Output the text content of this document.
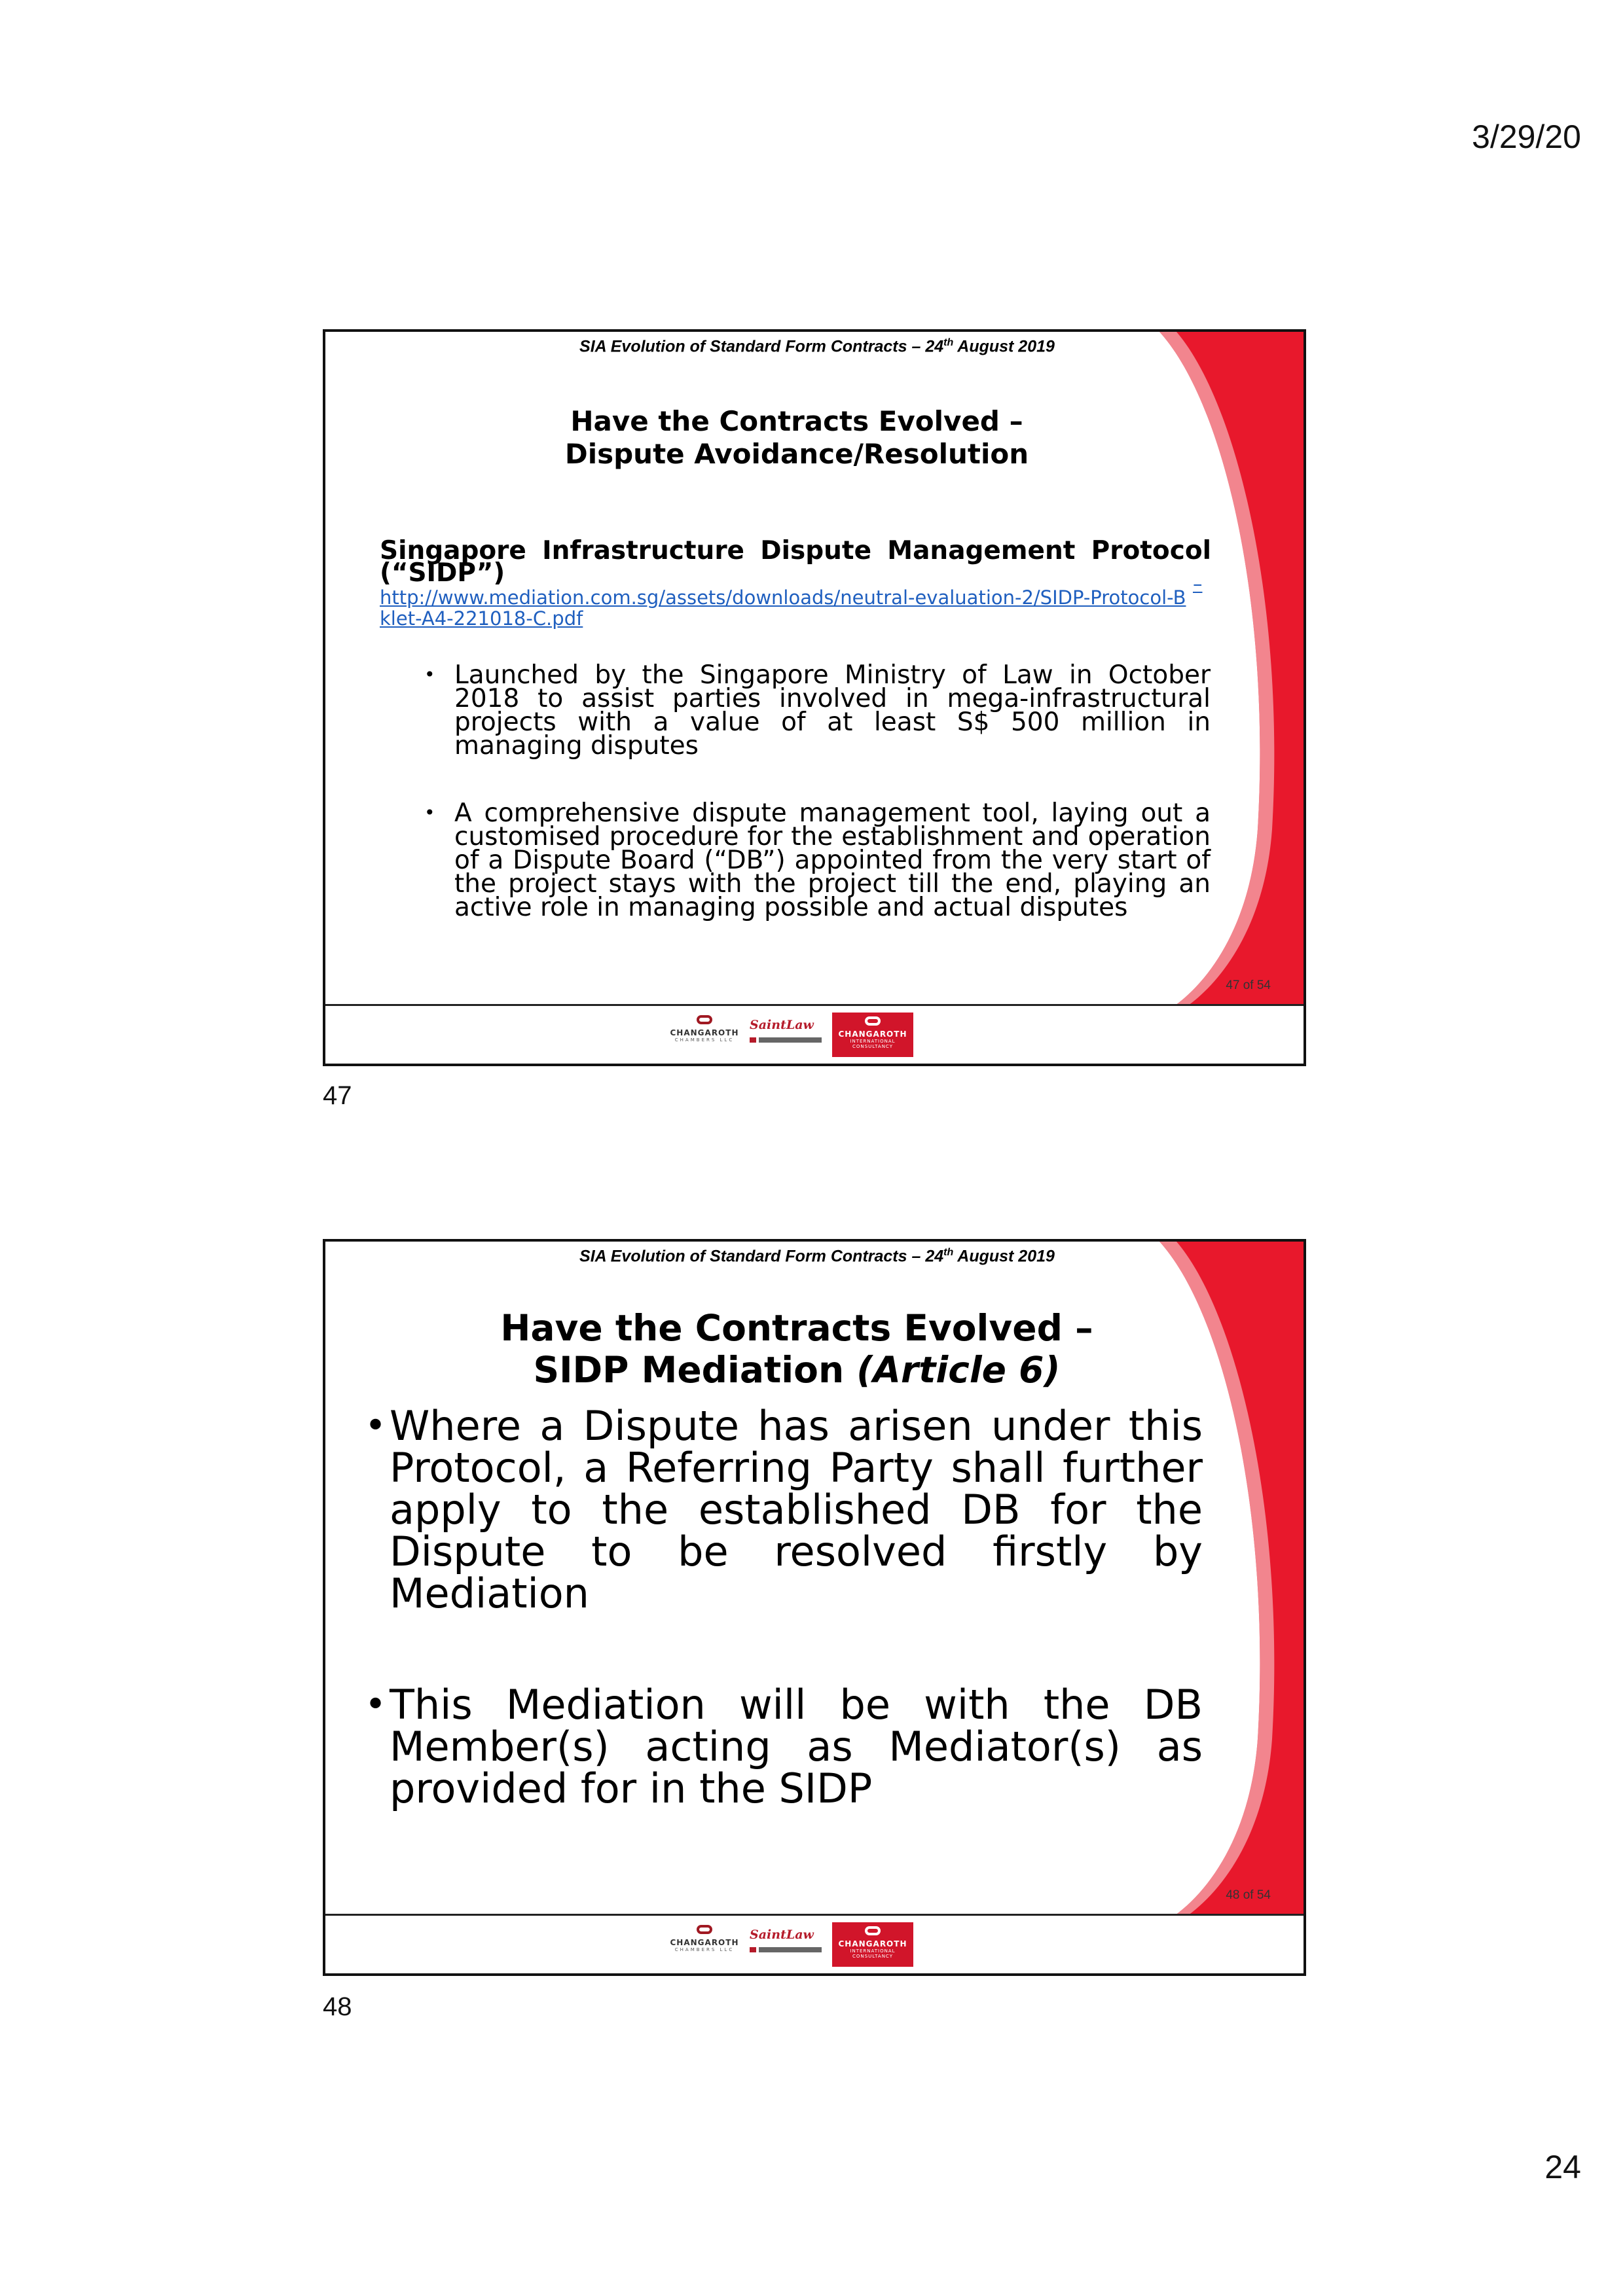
3/29/20
SIA Evolution of Standard Form Contracts – 24th August 2019
Have the Contracts Evolved –
Dispute Avoidance/Resolution
Singapore Infrastructure Dispute Management Protocol (“SIDP”)
http://www.mediation.com.sg/assets/downloads/neutral-evaluation-2/SIDP-Protocol-Bklet-A4-221018-C.pdf
–
• Launched by the Singapore Ministry of Law in October 2018 to assist parties involved in mega-infrastructural projects with a value of at least S$ 500 million in managing disputes
• A comprehensive dispute management tool, laying out a customised procedure for the establishment and operation of a Dispute Board (“DB”) appointed from the very start of the project stays with the project till the end, playing an active role in managing possible and actual disputes
47 of 54
CHANGAROTH
CHAMBERS LLC
SaintLaw
CHANGAROTH
INTERNATIONAL CONSULTANCY
47
SIA Evolution of Standard Form Contracts – 24th August 2019
Have the Contracts Evolved –
SIDP Mediation (Article 6)
• Where a Dispute has arisen under this Protocol, a Referring Party shall further apply to the established DB for the Dispute to be resolved firstly by Mediation
• This Mediation will be with the DB Member(s) acting as Mediator(s) as provided for in the SIDP
48 of 54
CHANGAROTH
CHAMBERS LLC
SaintLaw
CHANGAROTH
INTERNATIONAL CONSULTANCY
48
24
